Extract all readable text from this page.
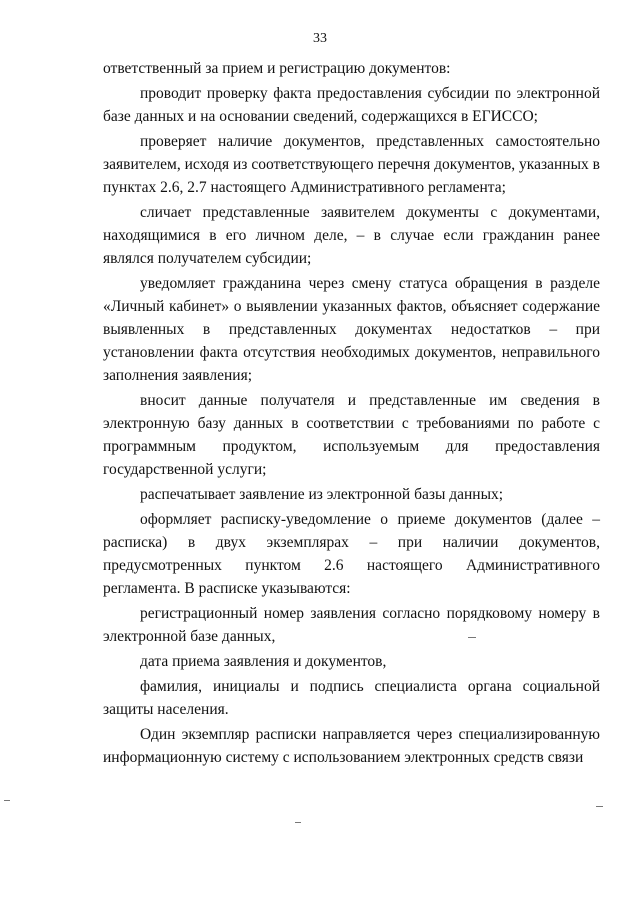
33

ответственный за прием и регистрацию документов:

проводит проверку факта предоставления субсидии по электронной базе данных и на основании сведений, содержащихся в ЕГИССО;

проверяет наличие документов, представленных самостоятельно заявителем, исходя из соответствующего перечня документов, указанных в пунктах 2.6, 2.7 настоящего Административного регламента;

сличает представленные заявителем документы с документами, находящимися в его личном деле, – в случае если гражданин ранее являлся получателем субсидии;

уведомляет гражданина через смену статуса обращения в разделе «Личный кабинет» о выявлении указанных фактов, объясняет содержание выявленных в представленных документах недостатков – при установлении факта отсутствия необходимых документов, неправильного заполнения заявления;

вносит данные получателя и представленные им сведения в электронную базу данных в соответствии с требованиями по работе с программным продуктом, используемым для предоставления государственной услуги;

распечатывает заявление из электронной базы данных;

оформляет расписку-уведомление о приеме документов (далее – расписка) в двух экземплярах – при наличии документов, предусмотренных пунктом 2.6 настоящего Административного регламента. В расписке указываются:

регистрационный номер заявления согласно порядковому номеру в электронной базе данных,

дата приема заявления и документов,

фамилия, инициалы и подпись специалиста органа социальной защиты населения.

Один экземпляр расписки направляется через специализированную информационную систему с использованием электронных средств связи
